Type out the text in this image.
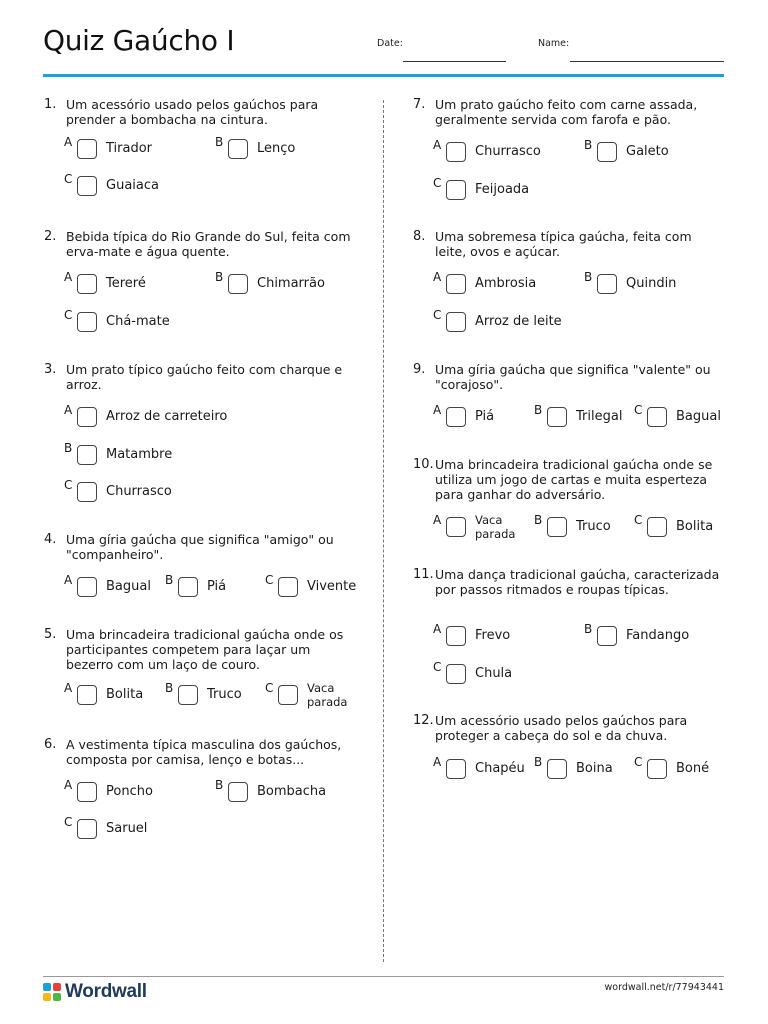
Quiz Gaúcho I	Date:	Name:
1. Um acessório usado pelos gaúchos para prender a bombacha na cintura.
A	Tirador	B	Lenço
C	Guaiaca
2. Bebida típica do Rio Grande do Sul, feita com erva-mate e água quente.
A	Tereré	B	Chimarrão
C	Chá-mate
3. Um prato típico gaúcho feito com charque e arroz.
A	Arroz de carreteiro
B	Matambre
C	Churrasco
4. Uma gíria gaúcha que significa "amigo" ou "companheiro".
A	Bagual B	Piá	C	Vivente
5. Uma brincadeira tradicional gaúcha onde os participantes competem para laçar um bezerro com um laço de couro.
A	Bolita B	Truco C	Vaca parada
6. A vestimenta típica masculina dos gaúchos, composta por camisa, lenço e botas...
A	Poncho	B	Bombacha
C	Saruel
7. Um prato gaúcho feito com carne assada, geralmente servida com farofa e pão.
A	Churrasco	B	Galeto
C	Feijoada
8. Uma sobremesa típica gaúcha, feita com leite, ovos e açúcar.
A	Ambrosia	B	Quindin
C	Arroz de leite
9. Uma gíria gaúcha que significa "valente" ou "corajoso".
A	Piá	B	Trilegal C	Bagual
10. Uma brincadeira tradicional gaúcha onde se utiliza um jogo de cartas e muita esperteza para ganhar do adversário.
A	Vaca parada
B	Truco C	Bolita
11. Uma dança tradicional gaúcha, caracterizada por passos ritmados e roupas típicas.
A	Frevo	B	Fandango
C	Chula
12. Um acessório usado pelos gaúchos para proteger a cabeça do sol e da chuva.
A	Chapéu B	Boina C	Boné
Wordwall	wordwall.net/r/77943441
